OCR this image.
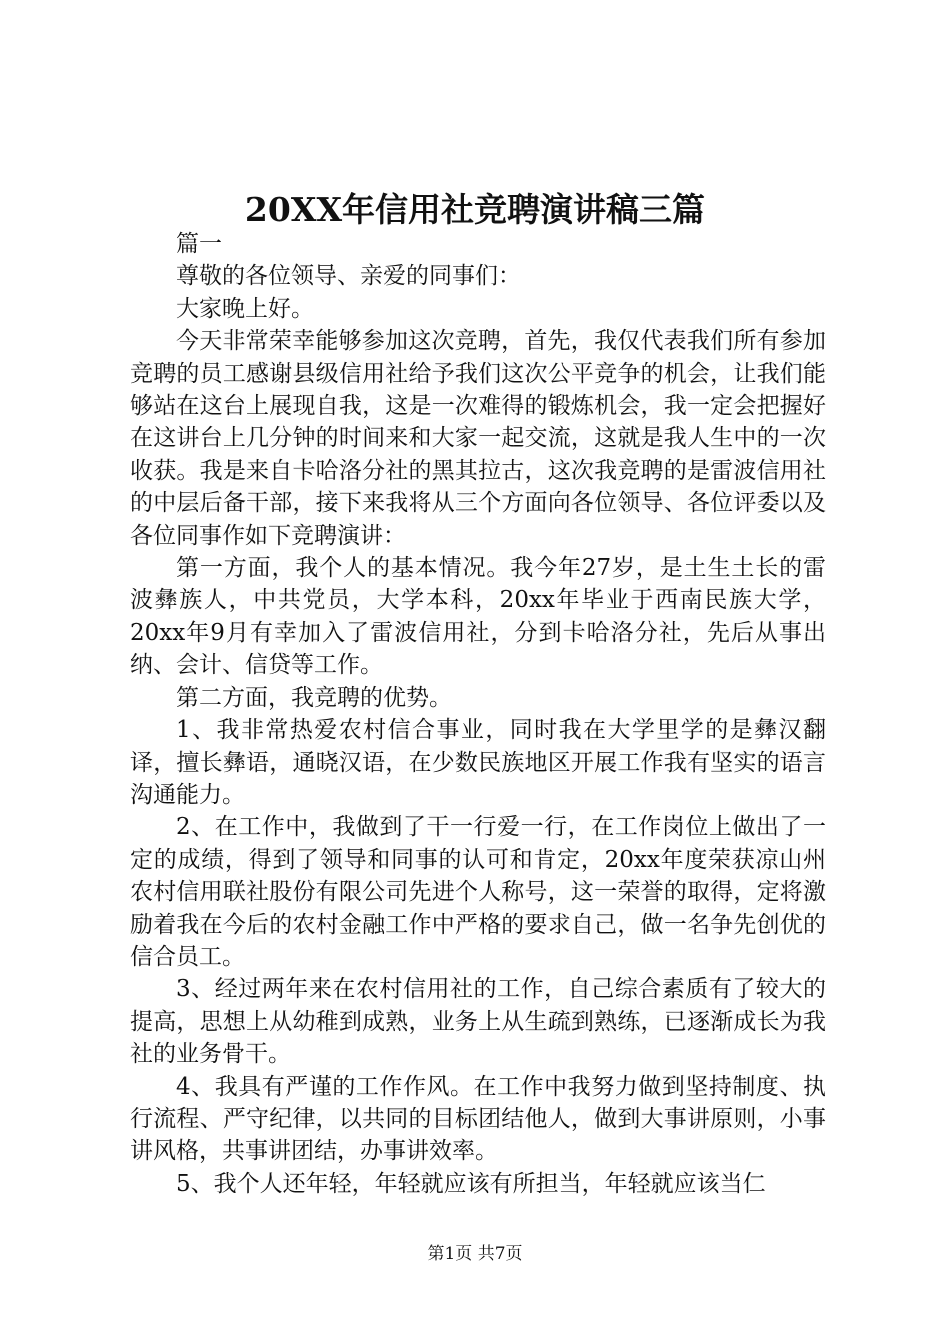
20XX年信用社竞聘演讲稿三篇

篇一

尊敬的各位领导、亲爱的同事们：

大家晚上好。

今天非常荣幸能够参加这次竞聘，首先，我仅代表我们所有参加竞聘的员工感谢县级信用社给予我们这次公平竞争的机会，让我们能够站在这台上展现自我，这是一次难得的锻炼机会，我一定会把握好在这讲台上几分钟的时间来和大家一起交流，这就是我人生中的一次收获。我是来自卡哈洛分社的黑其拉古，这次我竞聘的是雷波信用社的中层后备干部，接下来我将从三个方面向各位领导、各位评委以及各位同事作如下竞聘演讲：

第一方面，我个人的基本情况。我今年27岁，是土生土长的雷波彝族人，中共党员，大学本科，20xx年毕业于西南民族大学，20xx年9月有幸加入了雷波信用社，分到卡哈洛分社，先后从事出纳、会计、信贷等工作。

第二方面，我竞聘的优势。

1、我非常热爱农村信合事业，同时我在大学里学的是彝汉翻译，擅长彝语，通晓汉语，在少数民族地区开展工作我有坚实的语言沟通能力。

2、在工作中，我做到了干一行爱一行，在工作岗位上做出了一定的成绩，得到了领导和同事的认可和肯定，20xx年度荣获凉山州农村信用联社股份有限公司先进个人称号，这一荣誉的取得，定将激励着我在今后的农村金融工作中严格的要求自己，做一名争先创优的信合员工。

3、经过两年来在农村信用社的工作，自己综合素质有了较大的提高，思想上从幼稚到成熟，业务上从生疏到熟练，已逐渐成长为我社的业务骨干。

4、我具有严谨的工作作风。在工作中我努力做到坚持制度、执行流程、严守纪律，以共同的目标团结他人，做到大事讲原则，小事讲风格，共事讲团结，办事讲效率。

5、我个人还年轻，年轻就应该有所担当，年轻就应该当仁

第1页 共7页
